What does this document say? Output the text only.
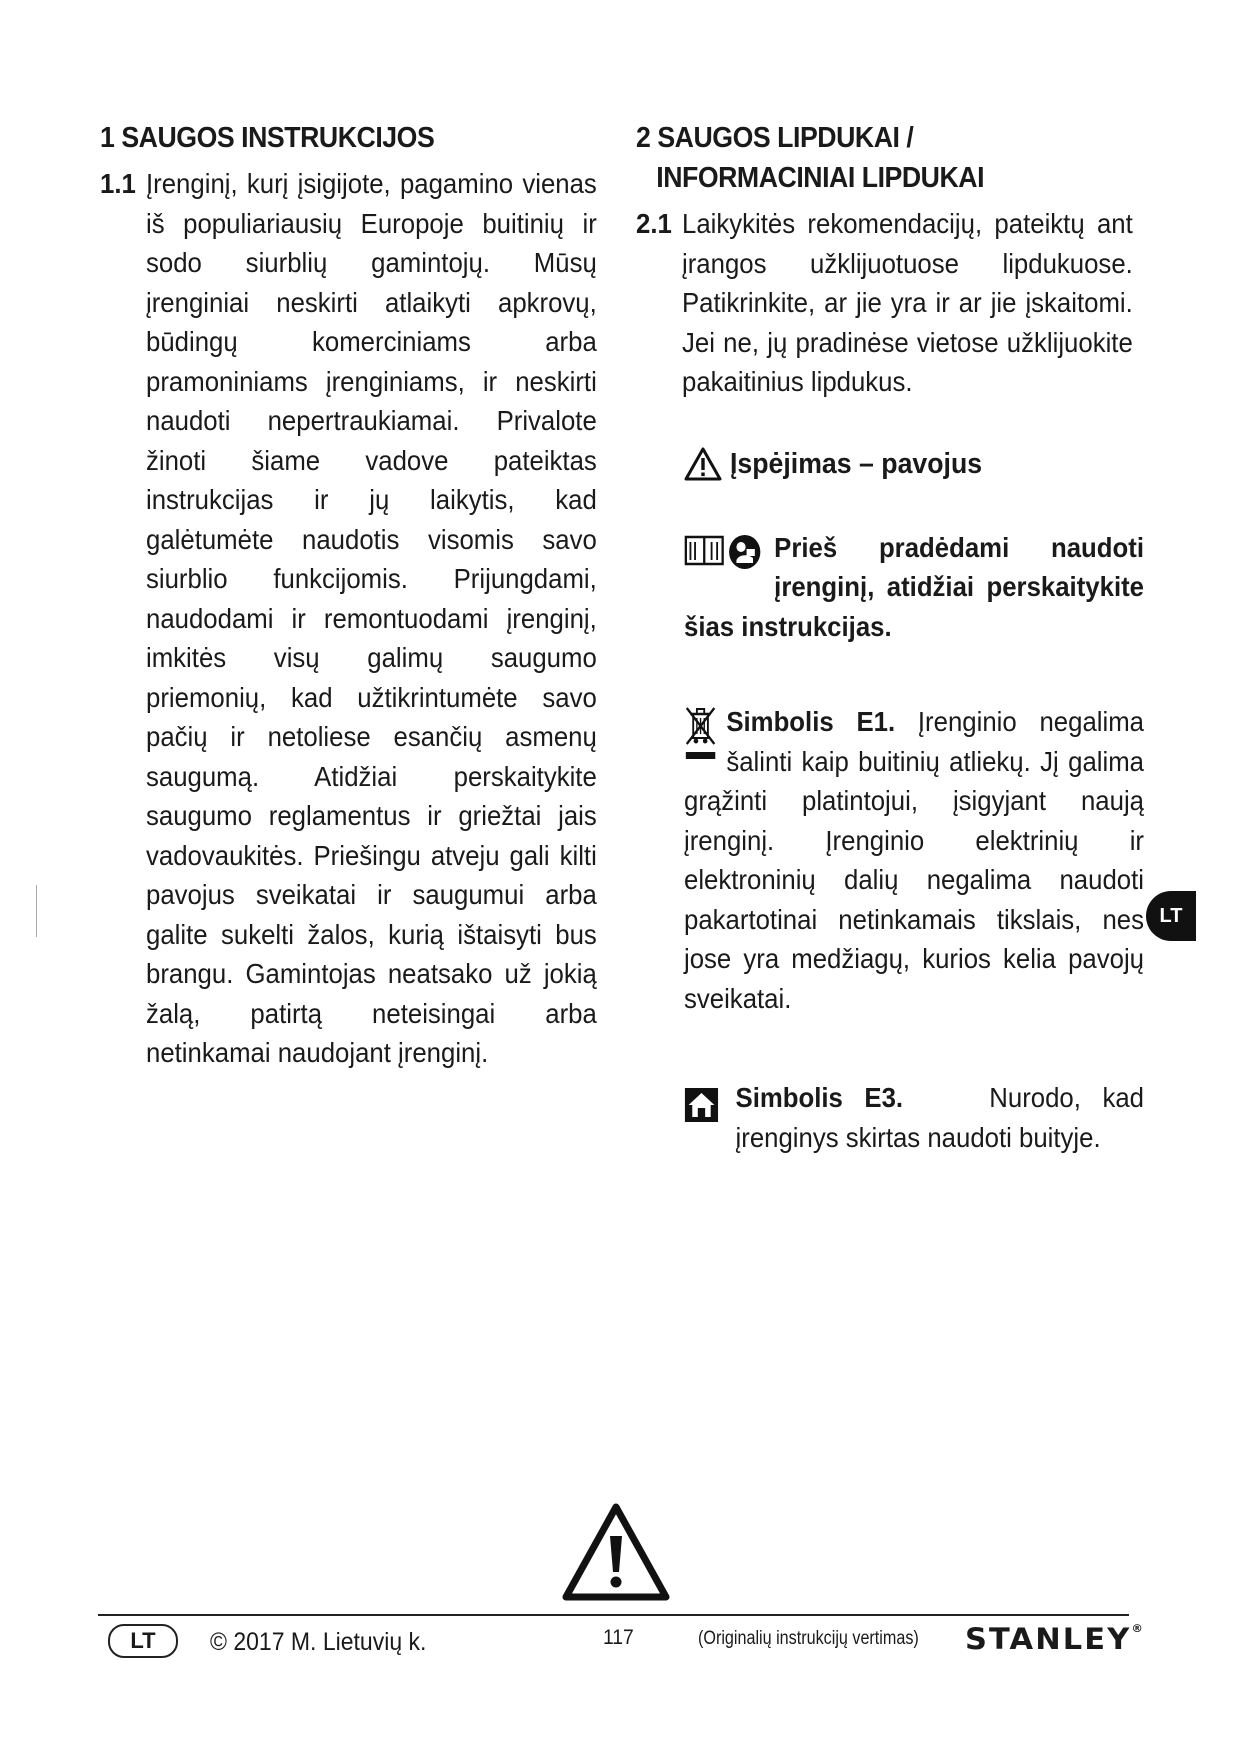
1 SAUGOS INSTRUKCIJOS
1.1 Įrenginį, kurį įsigijote, pagamino vienas iš populiariausių Europoje buitinių ir sodo siurblių gamintojų. Mūsų įrenginiai neskirti atlaikyti apkrovų, būdingų komerciniams arba pramoniniams įrenginiams, ir neskirti naudoti nepertraukiamai. Privalote žinoti šiame vadove pateiktas instrukcijas ir jų laikytis, kad galėtumėte naudotis visomis savo siurblio funkcijomis. Prijungdami, naudodami ir remontuodami įrenginį, imkitės visų galimų saugumo priemonių, kad užtikrintumėte savo pačių ir netoliese esančių asmenų saugumą. Atidžiai perskaitykite saugumo reglamentus ir griežtai jais vadovaukitės. Priešingu atveju gali kilti pavojus sveikatai ir saugumui arba galite sukelti žalos, kurią ištaisyti bus brangu. Gamintojas neatsako už jokią žalą, patirtą neteisingai arba netinkamai naudojant įrenginį.
2 SAUGOS LIPDUKAI /
INFORMACINIAI LIPDUKAI
2.1 Laikykitės rekomendacijų, pateiktų ant įrangos užklijuotuose lipdukuose. Patikrinkite, ar jie yra ir ar jie įskaitomi. Jei ne, jų pradinėse vietose užklijuokite pakaitinius lipdukus.
Įspėjimas – pavojus
Prieš pradėdami naudoti įrenginį, atidžiai perskaitykite šias instrukcijas.
Simbolis E1. Įrenginio negalima šalinti kaip buitinių atliekų. Jį galima grąžinti platintojui, įsigyjant naują įrenginį. Įrenginio elektrinių ir elektroninių dalių negalima naudoti pakartotinai netinkamais tikslais, nes jose yra medžiagų, kurios kelia pavojų sveikatai.
Simbolis E3.	Nurodo, kad įrenginys skirtas naudoti buityje.
LT
LT	© 2017 M. Lietuvių k.	117	(Originalių instrukcijų vertimas) STANLEY®
